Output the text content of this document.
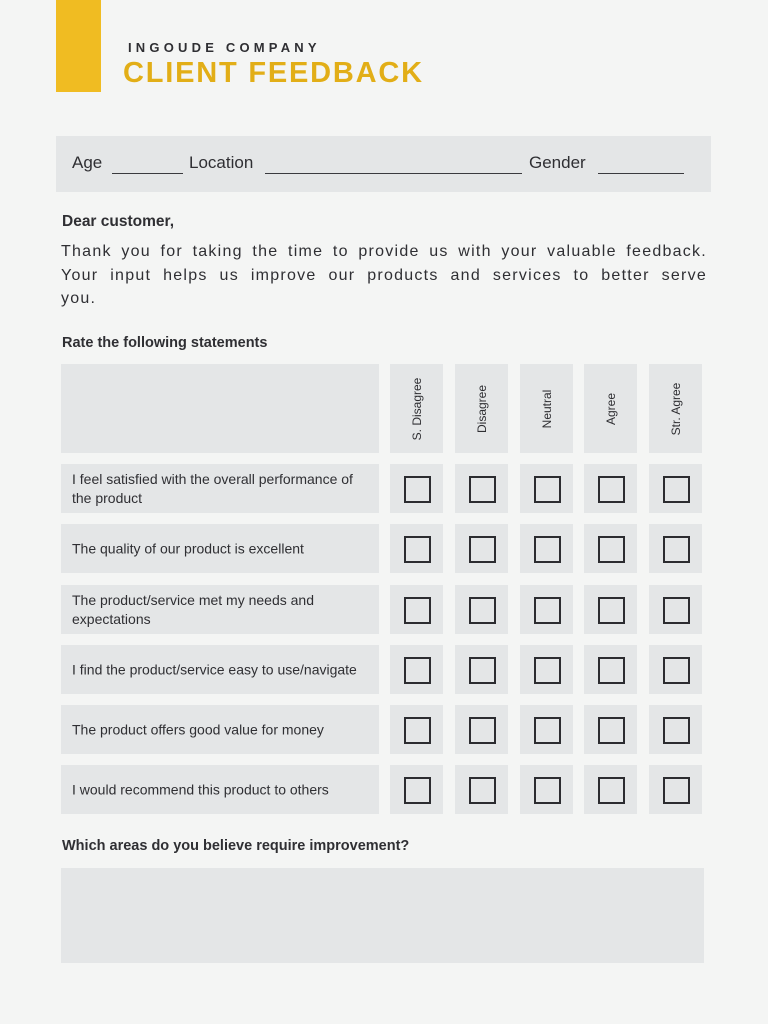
INGOUDE COMPANY
CLIENT FEEDBACK
Age	Location	Gender
Dear customer,
Thank you for taking the time to provide us with your valuable feedback. Your input helps us improve our products and services to better serve you.
Rate the following statements
S. Disagree	Disagree	Neutral	Agree	Str. Agree
I feel satisfied with the overall performance of the product
The quality of our product is excellent
The product/service met my needs and expectations
I find the product/service easy to use/navigate
The product offers good value for money
I would recommend this product to others
Which areas do you believe require improvement?
